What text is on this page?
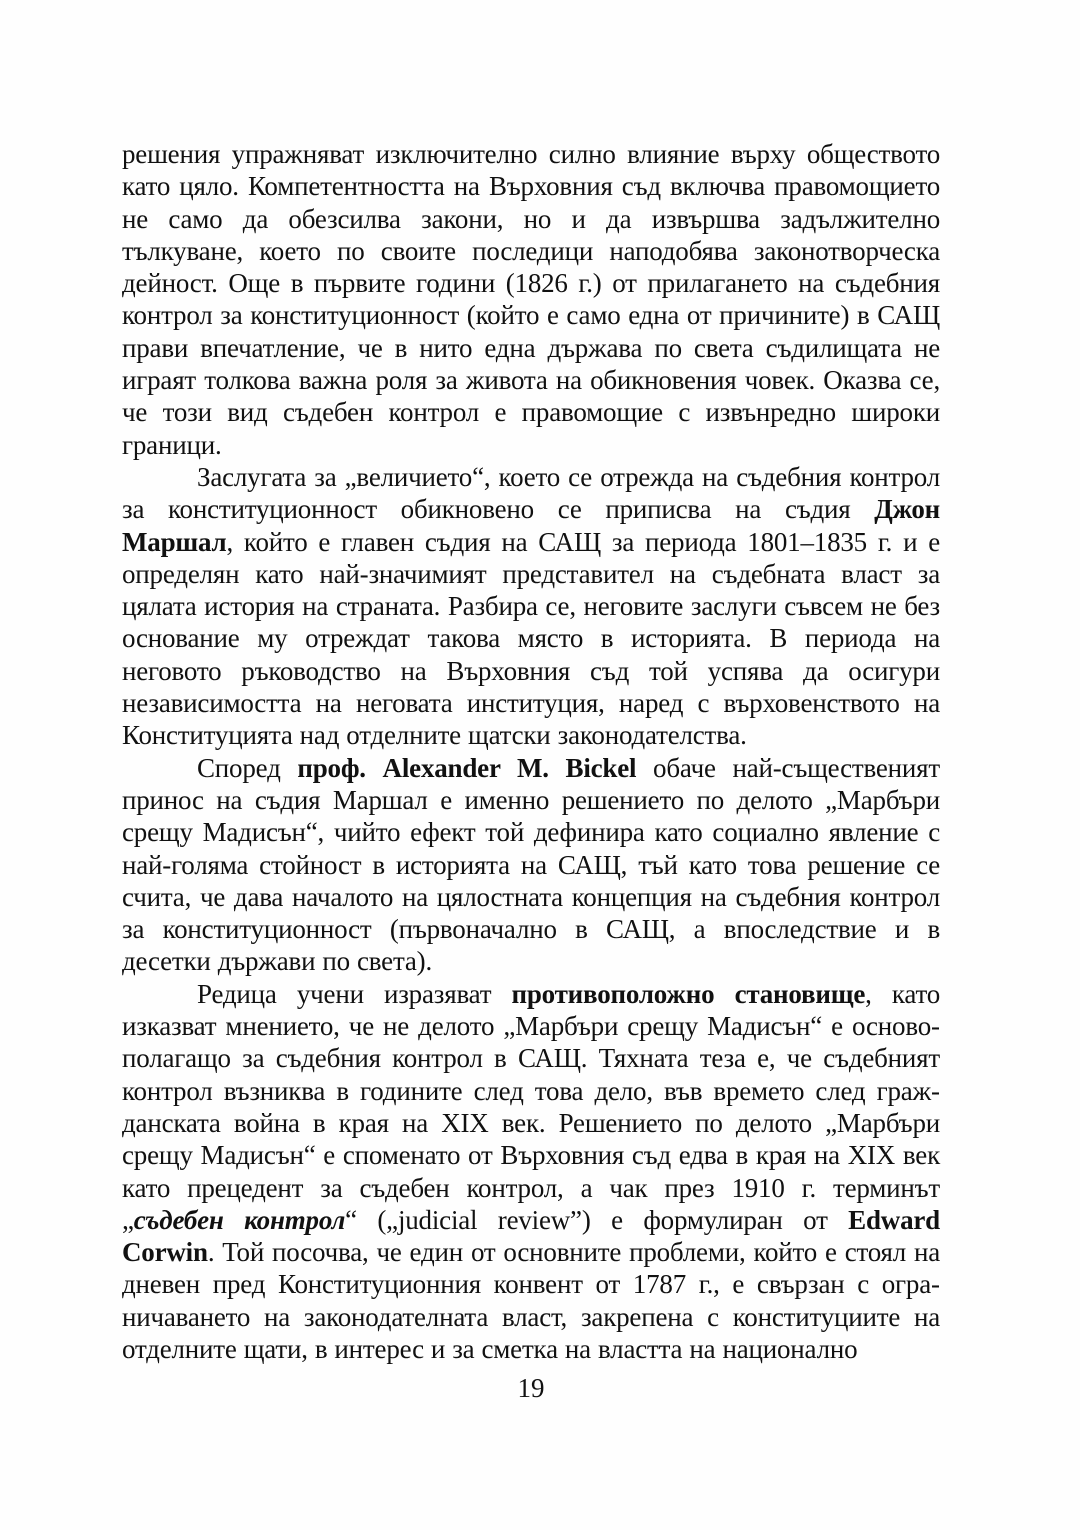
решения упражняват изключително силно влияние върху обществото като цяло. Компетентността на Върховния съд включва правомощието не само да обезсилва закони, но и да извършва задължително тълкуване, което по своите последици наподобява законотворческа дейност. Още в първите години (1826 г.) от прилагането на съдебния контрол за конституционност (който е само една от причините) в САЩ прави впечатление, че в нито една държава по света съдилищата не играят толкова важна роля за живота на обикновения човек. Оказва се, че този вид съдебен контрол е правомощие с извънредно широки граници.

Заслугата за „величието“, което се отрежда на съдебния контрол за конституционност обикновено се приписва на съдия Джон Маршал, който е главен съдия на САЩ за периода 1801–1835 г. и е определян като най-значимият представител на съдебната власт за цялата история на страната. Разбира се, неговите заслуги съвсем не без основание му отреждат такова място в историята. В периода на неговото ръководство на Върховния съд той успява да осигури независимостта на неговата институция, наред с върховенството на Конституцията над отделните щатски законодателства.

Според проф. Alexander M. Bickel обаче най-същественият принос на съдия Маршал е именно решението по делото „Марбъри срещу Мадисън“, чийто ефект той дефинира като социално явление с най-голяма стойност в историята на САЩ, тъй като това решение се счита, че дава началото на цялостната концепция на съдебния контрол за конституционност (първоначално в САЩ, а впоследствие и в десетки държави по света).

Редица учени изразяват противоположно становище, като изказват мнението, че не делото „Марбъри срещу Мадисън“ е основополагащо за съдебния контрол в САЩ. Тяхната теза е, че съдебният контрол възниква в годините след това дело, във времето след гражданската война в края на XIX век. Решението по делото „Марбъри срещу Мадисън“ е споменато от Върховния съд едва в края на XIX век като прецедент за съдебен контрол, а чак през 1910 г. терминът „съдебен контрол“ („judicial review”) е формулиран от Edward Corwin. Той посочва, че един от основните проблеми, който е стоял на дневен пред Конституционния конвент от 1787 г., е свързан с ограничаването на законодателната власт, закрепена с конституциите на отделните щати, в интерес и за сметка на властта на национално

19
